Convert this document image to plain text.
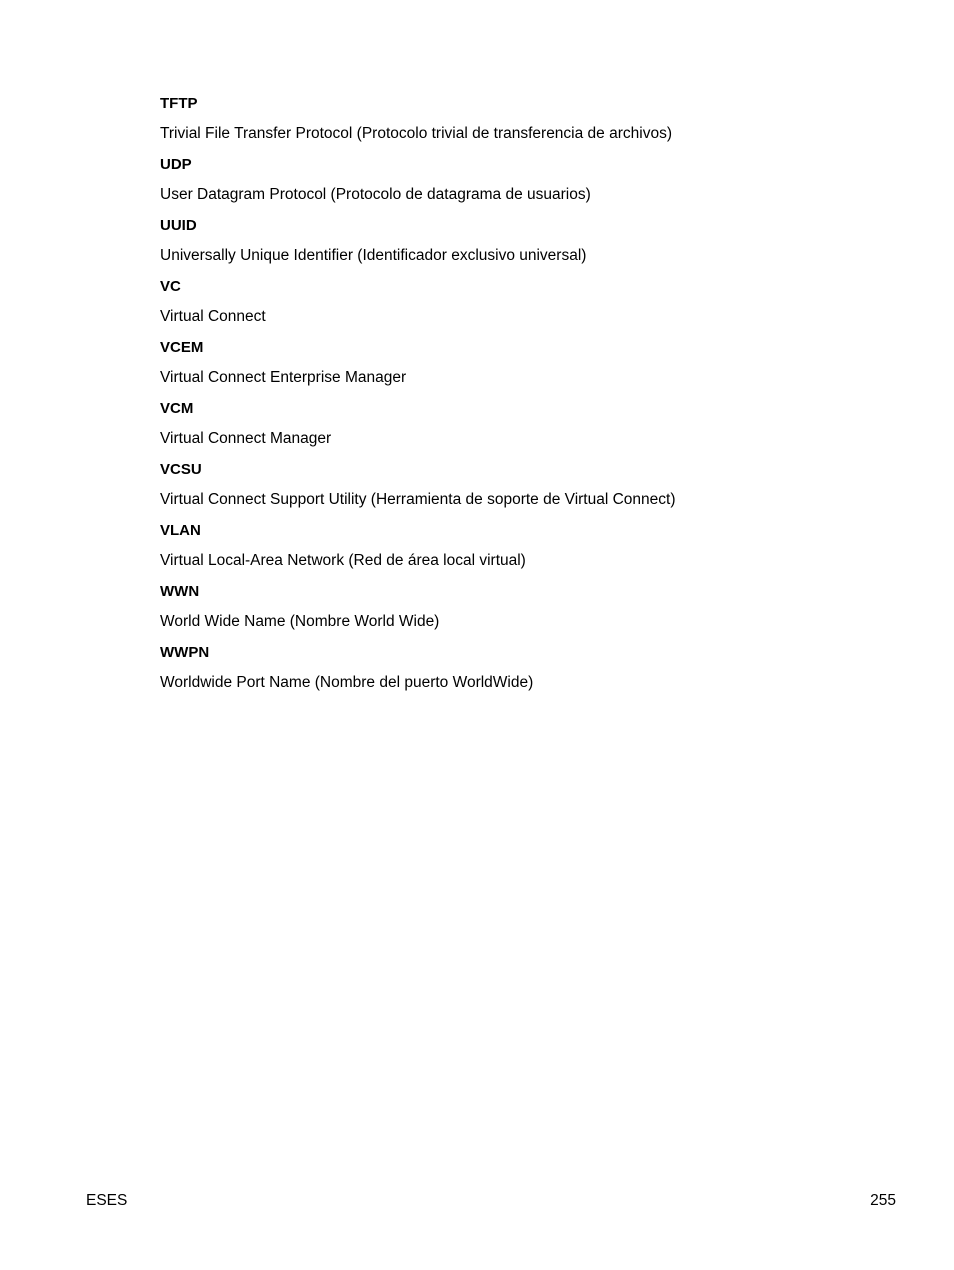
TFTP

Trivial File Transfer Protocol (Protocolo trivial de transferencia de archivos)

UDP

User Datagram Protocol (Protocolo de datagrama de usuarios)

UUID

Universally Unique Identifier (Identificador exclusivo universal)

VC

Virtual Connect

VCEM

Virtual Connect Enterprise Manager

VCM

Virtual Connect Manager

VCSU

Virtual Connect Support Utility (Herramienta de soporte de Virtual Connect)

VLAN

Virtual Local-Area Network (Red de área local virtual)

WWN

World Wide Name (Nombre World Wide)

WWPN

Worldwide Port Name (Nombre del puerto WorldWide)

ESES	255
